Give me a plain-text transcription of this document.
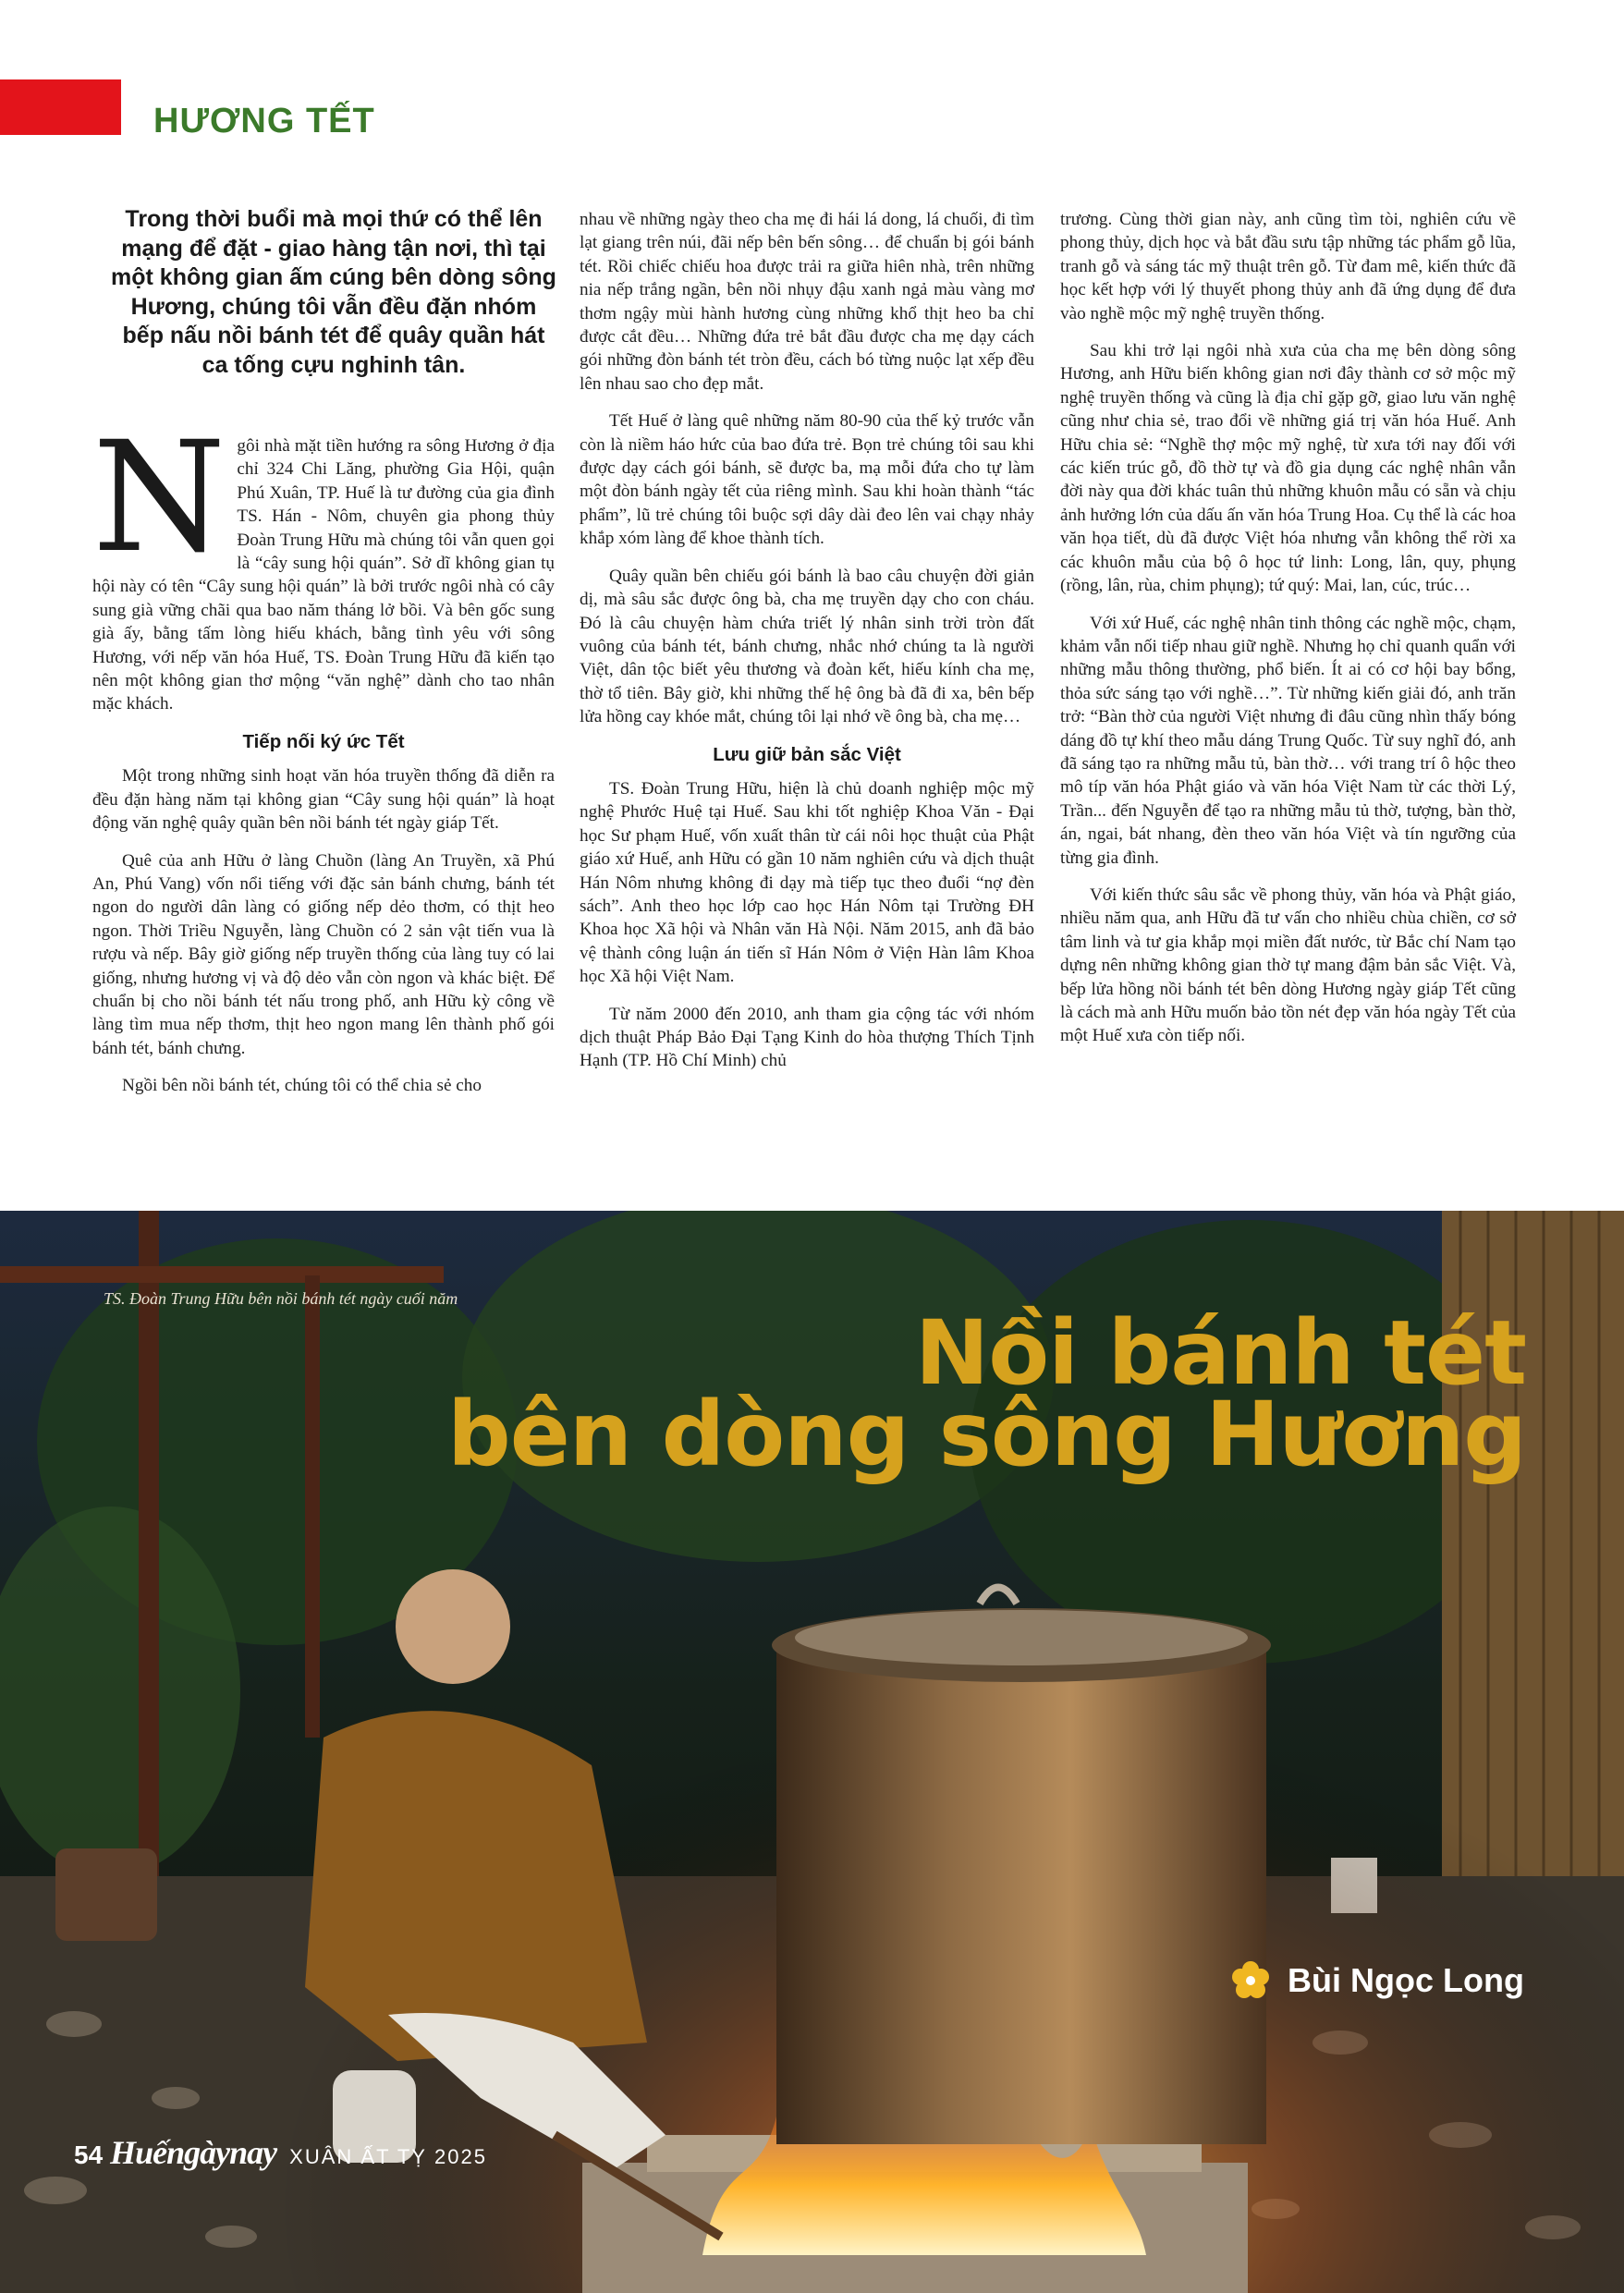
HƯƠNG TẾT
Trong thời buổi mà mọi thứ có thể lên mạng để đặt - giao hàng tận nơi, thì tại một không gian ấm cúng bên dòng sông Hương, chúng tôi vẫn đều đặn nhóm bếp nấu nồi bánh tét để quây quần hát ca tống cựu nghinh tân.

Ngôi nhà mặt tiền hướng ra sông Hương ở địa chỉ 324 Chi Lăng, phường Gia Hội, quận Phú Xuân, TP. Huế là tư đường của gia đình TS. Hán - Nôm, chuyên gia phong thủy Đoàn Trung Hữu mà chúng tôi vẫn quen gọi là “cây sung hội quán”. Sở dĩ không gian tụ hội này có tên “Cây sung hội quán” là bởi trước ngôi nhà có cây sung già vững chãi qua bao năm tháng lở bồi. Và bên gốc sung già ấy, bằng tấm lòng hiếu khách, bằng tình yêu với sông Hương, với nếp văn hóa Huế, TS. Đoàn Trung Hữu đã kiến tạo nên một không gian thơ mộng “văn nghệ” dành cho tao nhân mặc khách.

Tiếp nối ký ức Tết

Một trong những sinh hoạt văn hóa truyền thống đã diễn ra đều đặn hàng năm tại không gian “Cây sung hội quán” là hoạt động văn nghệ quây quần bên nồi bánh tét ngày giáp Tết.

Quê của anh Hữu ở làng Chuồn (làng An Truyền, xã Phú An, Phú Vang) vốn nổi tiếng với đặc sản bánh chưng, bánh tét ngon do người dân làng có giống nếp dẻo thơm, có thịt heo ngon. Thời Triều Nguyễn, làng Chuồn có 2 sản vật tiến vua là rượu và nếp. Bây giờ giống nếp truyền thống của làng tuy có lai giống, nhưng hương vị và độ dẻo vẫn còn ngon và khác biệt. Để chuẩn bị cho nồi bánh tét nấu trong phố, anh Hữu kỳ công về làng tìm mua nếp thơm, thịt heo ngon mang lên thành phố gói bánh tét, bánh chưng.

Ngồi bên nồi bánh tét, chúng tôi có thể chia sẻ cho

nhau về những ngày theo cha mẹ đi hái lá dong, lá chuối, đi tìm lạt giang trên núi, đãi nếp bên bến sông… để chuẩn bị gói bánh tét. Rồi chiếc chiếu hoa được trải ra giữa hiên nhà, trên những nia nếp trắng ngần, bên nồi nhụy đậu xanh ngả màu vàng mơ thơm ngậy mùi hành hương cùng những khổ thịt heo ba chỉ được cắt đều… Những đứa trẻ bắt đầu được cha mẹ dạy cách gói những đòn bánh tét tròn đều, cách bó từng nuộc lạt xếp đều lên nhau sao cho đẹp mắt.

Tết Huế ở làng quê những năm 80-90 của thế kỷ trước vẫn còn là niềm háo hức của bao đứa trẻ. Bọn trẻ chúng tôi sau khi được dạy cách gói bánh, sẽ được ba, mạ mỗi đứa cho tự làm một đòn bánh ngày tết của riêng mình. Sau khi hoàn thành “tác phẩm”, lũ trẻ chúng tôi buộc sợi dây dài đeo lên vai chạy nhảy khắp xóm làng để khoe thành tích.

Quây quần bên chiếu gói bánh là bao câu chuyện đời giản dị, mà sâu sắc được ông bà, cha mẹ truyền dạy cho con cháu. Đó là câu chuyện hàm chứa triết lý nhân sinh trời tròn đất vuông của bánh tét, bánh chưng, nhắc nhớ chúng ta là người Việt, dân tộc biết yêu thương và đoàn kết, hiếu kính cha mẹ, thờ tổ tiên. Bây giờ, khi những thế hệ ông bà đã đi xa, bên bếp lửa hồng cay khóe mắt, chúng tôi lại nhớ về ông bà, cha mẹ…

Lưu giữ bản sắc Việt

TS. Đoàn Trung Hữu, hiện là chủ doanh nghiệp mộc mỹ nghệ Phước Huệ tại Huế. Sau khi tốt nghiệp Khoa Văn - Đại học Sư phạm Huế, vốn xuất thân từ cái nôi học thuật của Phật giáo xứ Huế, anh Hữu có gần 10 năm nghiên cứu và dịch thuật Hán Nôm nhưng không đi dạy mà tiếp tục theo đuổi “nợ đèn sách”. Anh theo học lớp cao học Hán Nôm tại Trường ĐH Khoa học Xã hội và Nhân văn Hà Nội. Năm 2015, anh đã bảo vệ thành công luận án tiến sĩ Hán Nôm ở Viện Hàn lâm Khoa học Xã hội Việt Nam.

Từ năm 2000 đến 2010, anh tham gia cộng tác với nhóm dịch thuật Pháp Bảo Đại Tạng Kinh do hòa thượng Thích Tịnh Hạnh (TP. Hồ Chí Minh) chủ

trương. Cùng thời gian này, anh cũng tìm tòi, nghiên cứu về phong thủy, dịch học và bắt đầu sưu tập những tác phẩm gỗ lũa, tranh gỗ và sáng tác mỹ thuật trên gỗ. Từ đam mê, kiến thức đã học kết hợp với lý thuyết phong thủy anh đã ứng dụng để đưa vào nghề mộc mỹ nghệ truyền thống.

Sau khi trở lại ngôi nhà xưa của cha mẹ bên dòng sông Hương, anh Hữu biến không gian nơi đây thành cơ sở mộc mỹ nghệ truyền thống và cũng là địa chỉ gặp gỡ, giao lưu văn nghệ cũng như chia sẻ, trao đổi về những giá trị văn hóa Huế. Anh Hữu chia sẻ: “Nghề thợ mộc mỹ nghệ, từ xưa tới nay đối với các kiến trúc gỗ, đồ thờ tự và đồ gia dụng các nghệ nhân vẫn đời này qua đời khác tuân thủ những khuôn mẫu có sẵn và chịu ảnh hưởng lớn của dấu ấn văn hóa Trung Hoa. Cụ thể là các hoa văn họa tiết, dù đã được Việt hóa nhưng vẫn không thể rời xa các khuôn mẫu của bộ ô học tứ linh: Long, lân, quy, phụng (rồng, lân, rùa, chim phụng); tứ quý: Mai, lan, cúc, trúc…

Với xứ Huế, các nghệ nhân tinh thông các nghề mộc, chạm, khảm vẫn nối tiếp nhau giữ nghề. Nhưng họ chỉ quanh quẩn với những mẫu thông thường, phổ biến. Ít ai có cơ hội bay bổng, thỏa sức sáng tạo với nghề…”. Từ những kiến giải đó, anh trăn trở: “Bàn thờ của người Việt nhưng đi đâu cũng nhìn thấy bóng dáng đồ tự khí theo mẫu dáng Trung Quốc. Từ suy nghĩ đó, anh đã sáng tạo ra những mẫu tủ, bàn thờ… với trang trí ô hộc theo mô típ văn hóa Phật giáo và văn hóa Việt Nam từ các thời Lý, Trần... đến Nguyễn để tạo ra những mẫu tủ thờ, tượng, bàn thờ, án, ngai, bát nhang, đèn theo văn hóa Việt và tín ngưỡng của từng gia đình.

Với kiến thức sâu sắc về phong thủy, văn hóa và Phật giáo, nhiều năm qua, anh Hữu đã tư vấn cho nhiều chùa chiền, cơ sở tâm linh và tư gia khắp mọi miền đất nước, từ Bắc chí Nam tạo dựng nên những không gian thờ tự mang đậm bản sắc Việt. Và, bếp lửa hồng nồi bánh tét bên dòng Hương ngày giáp Tết cũng là cách mà anh Hữu muốn bảo tồn nét đẹp văn hóa ngày Tết của một Huế xưa còn tiếp nối.

TS. Đoàn Trung Hữu bên nồi bánh tét ngày cuối năm
Nồi bánh tét
bên dòng sông Hương
Bùi Ngọc Long
54 Huếngàynay XUÂN ẤT TỴ 2025
